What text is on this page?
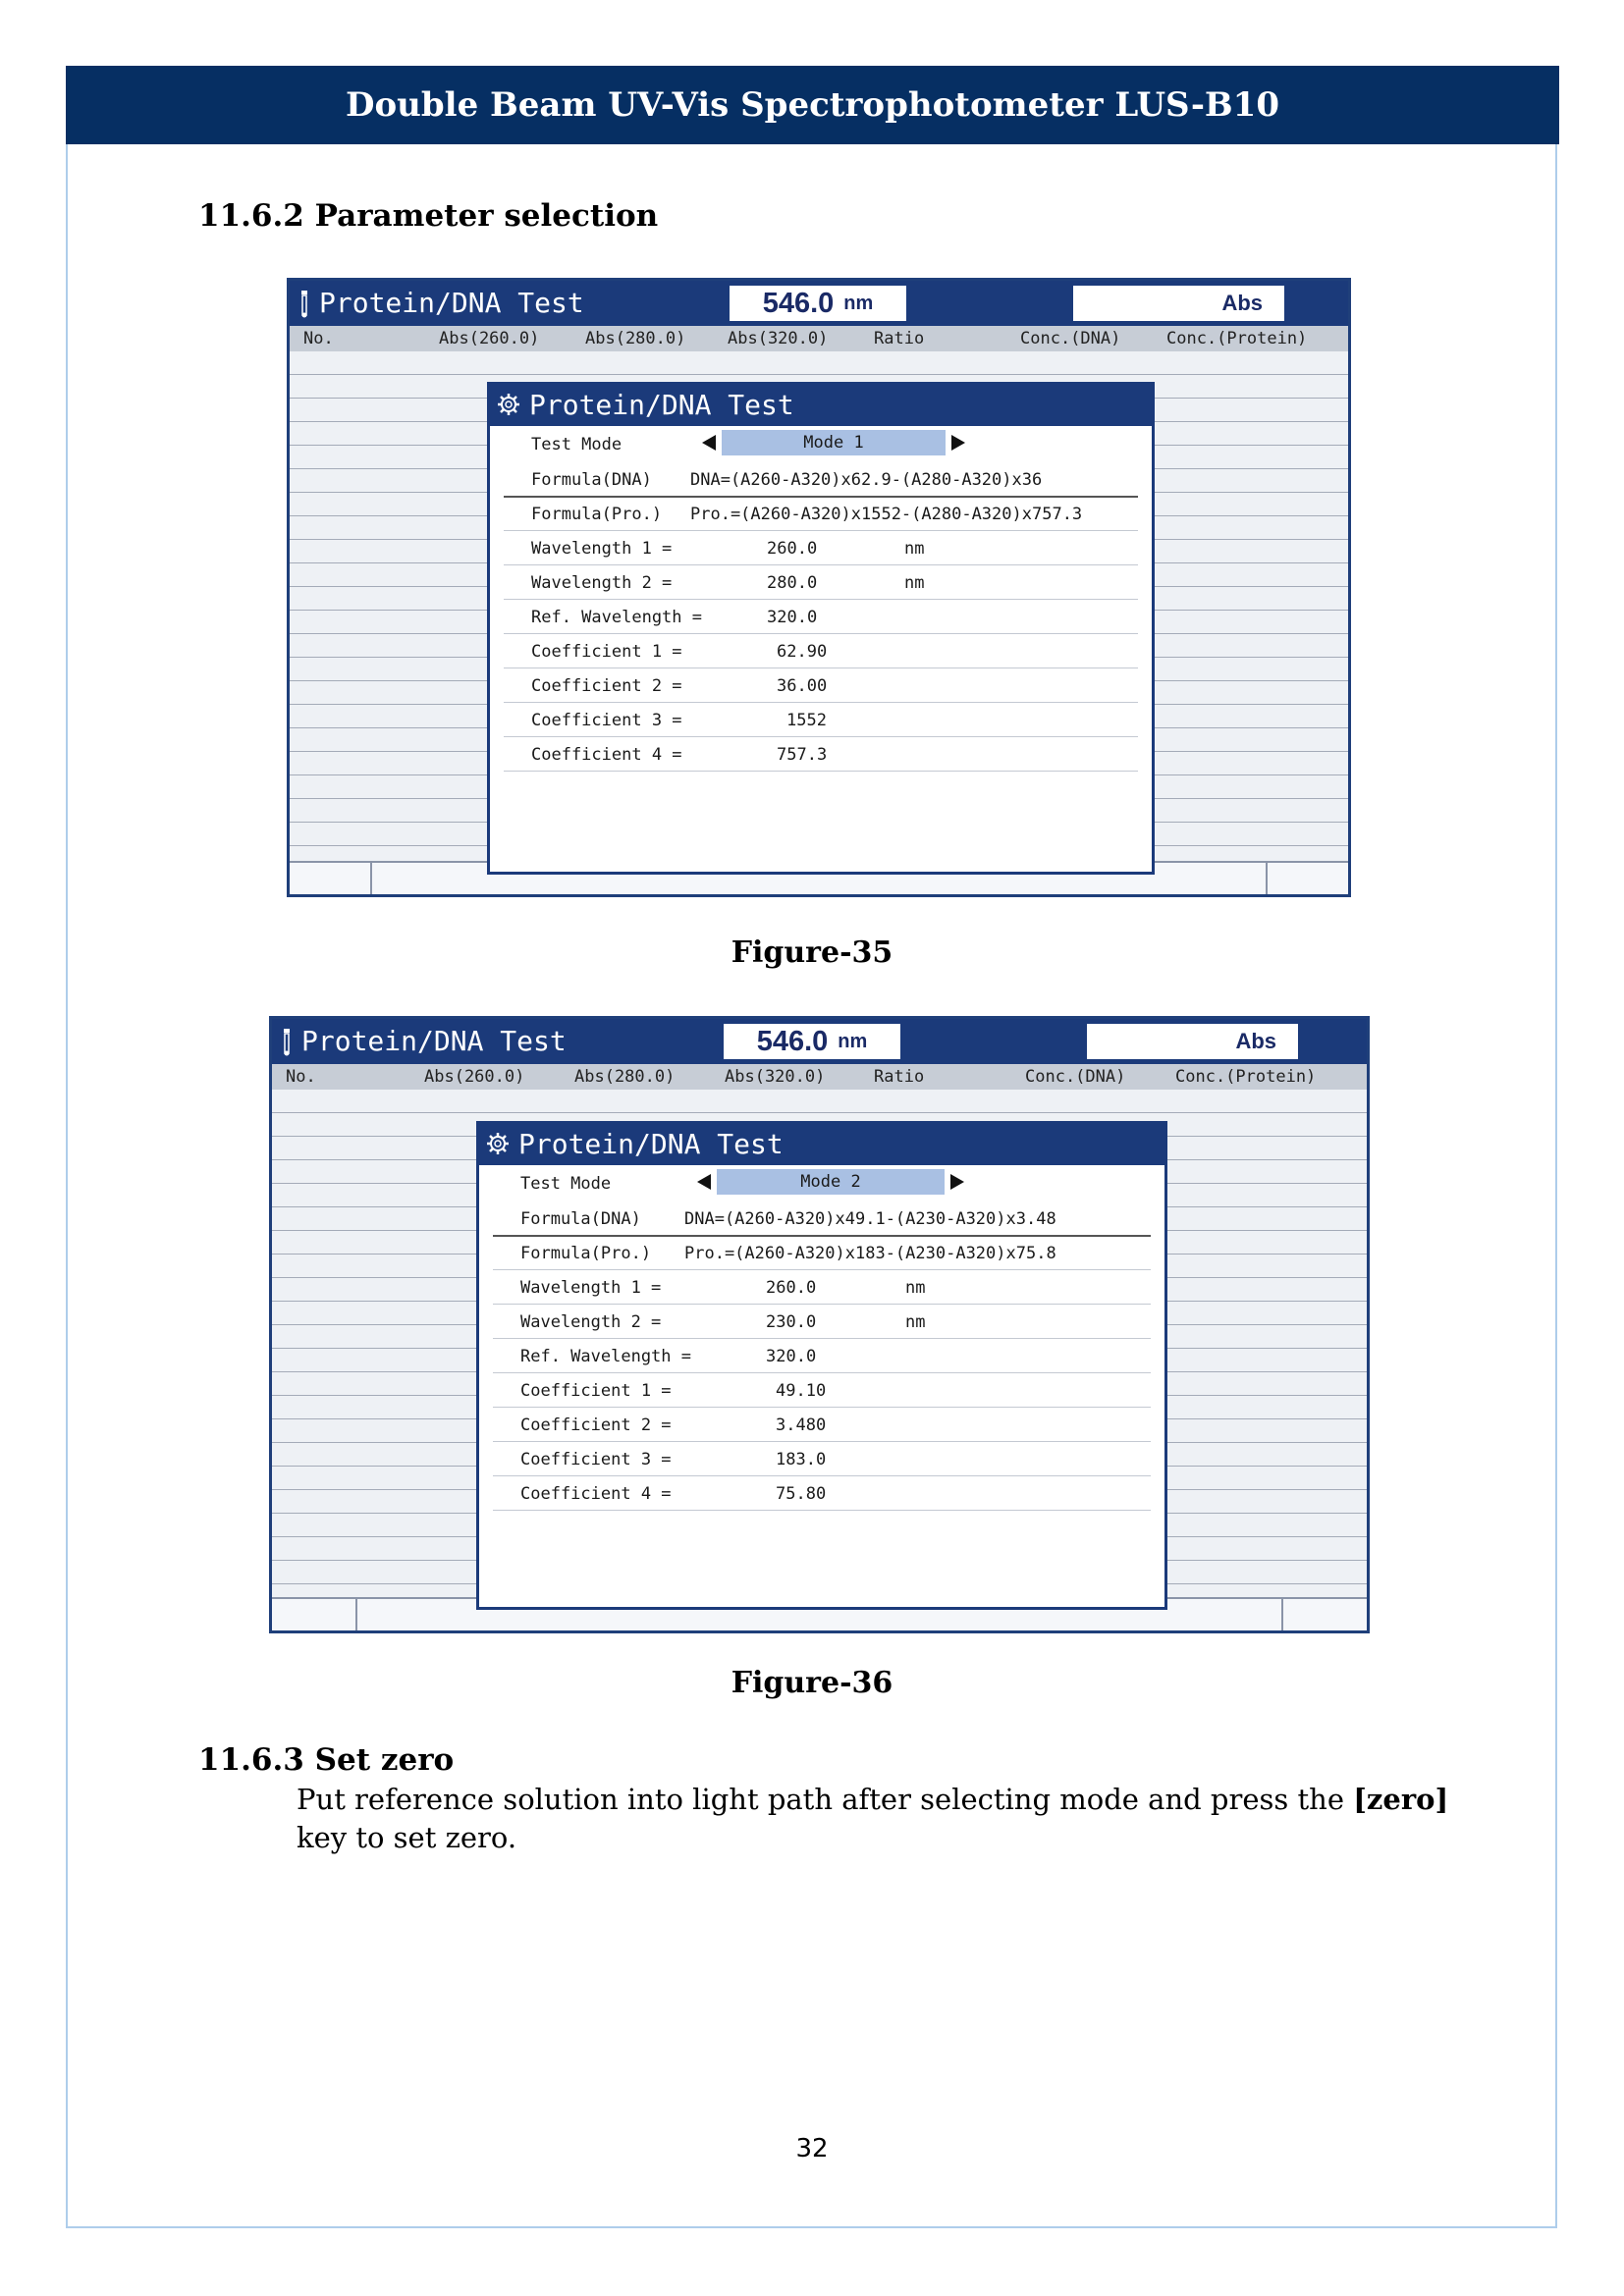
Double Beam UV-Vis Spectrophotometer LUS-B10
11.6.2 Parameter selection
Protein/DNA Test	546.0 nm	Abs
No.	Abs(260.0)	Abs(280.0)	Abs(320.0)	Ratio	Conc.(DNA)	Conc.(Protein)
Protein/DNA Test
Test Mode	Mode 1
Formula(DNA) DNA=(A260-A320)x62.9-(A280-A320)x36
Formula(Pro.) Pro.=(A260-A320)x1552-(A280-A320)x757.3
Wavelength 1 =	260.0	nm
Wavelength 2 =	280.0	nm
Ref. Wavelength =	320.0
Coefficient 1 =	62.90
Coefficient 2 =	36.00
Coefficient 3 =	1552
Coefficient 4 =	757.3
Figure-35
Protein/DNA Test	546.0 nm	Abs
No.	Abs(260.0)	Abs(280.0)	Abs(320.0)	Ratio	Conc.(DNA)	Conc.(Protein)
Protein/DNA Test
Test Mode	Mode 2
Formula(DNA)	DNA=(A260-A320)x49.1-(A230-A320)x3.48
Formula(Pro.) Pro.=(A260-A320)x183-(A230-A320)x75.8
Wavelength 1 =	260.0	nm
Wavelength 2 =	230.0	nm
Ref. Wavelength =	320.0
Coefficient 1 =	49.10
Coefficient 2 =	3.480
Coefficient 3 =	183.0
Coefficient 4 =	75.80
Figure-36
11.6.3 Set zero
Put reference solution into light path after selecting mode and press the [zero] key to set zero.
32
